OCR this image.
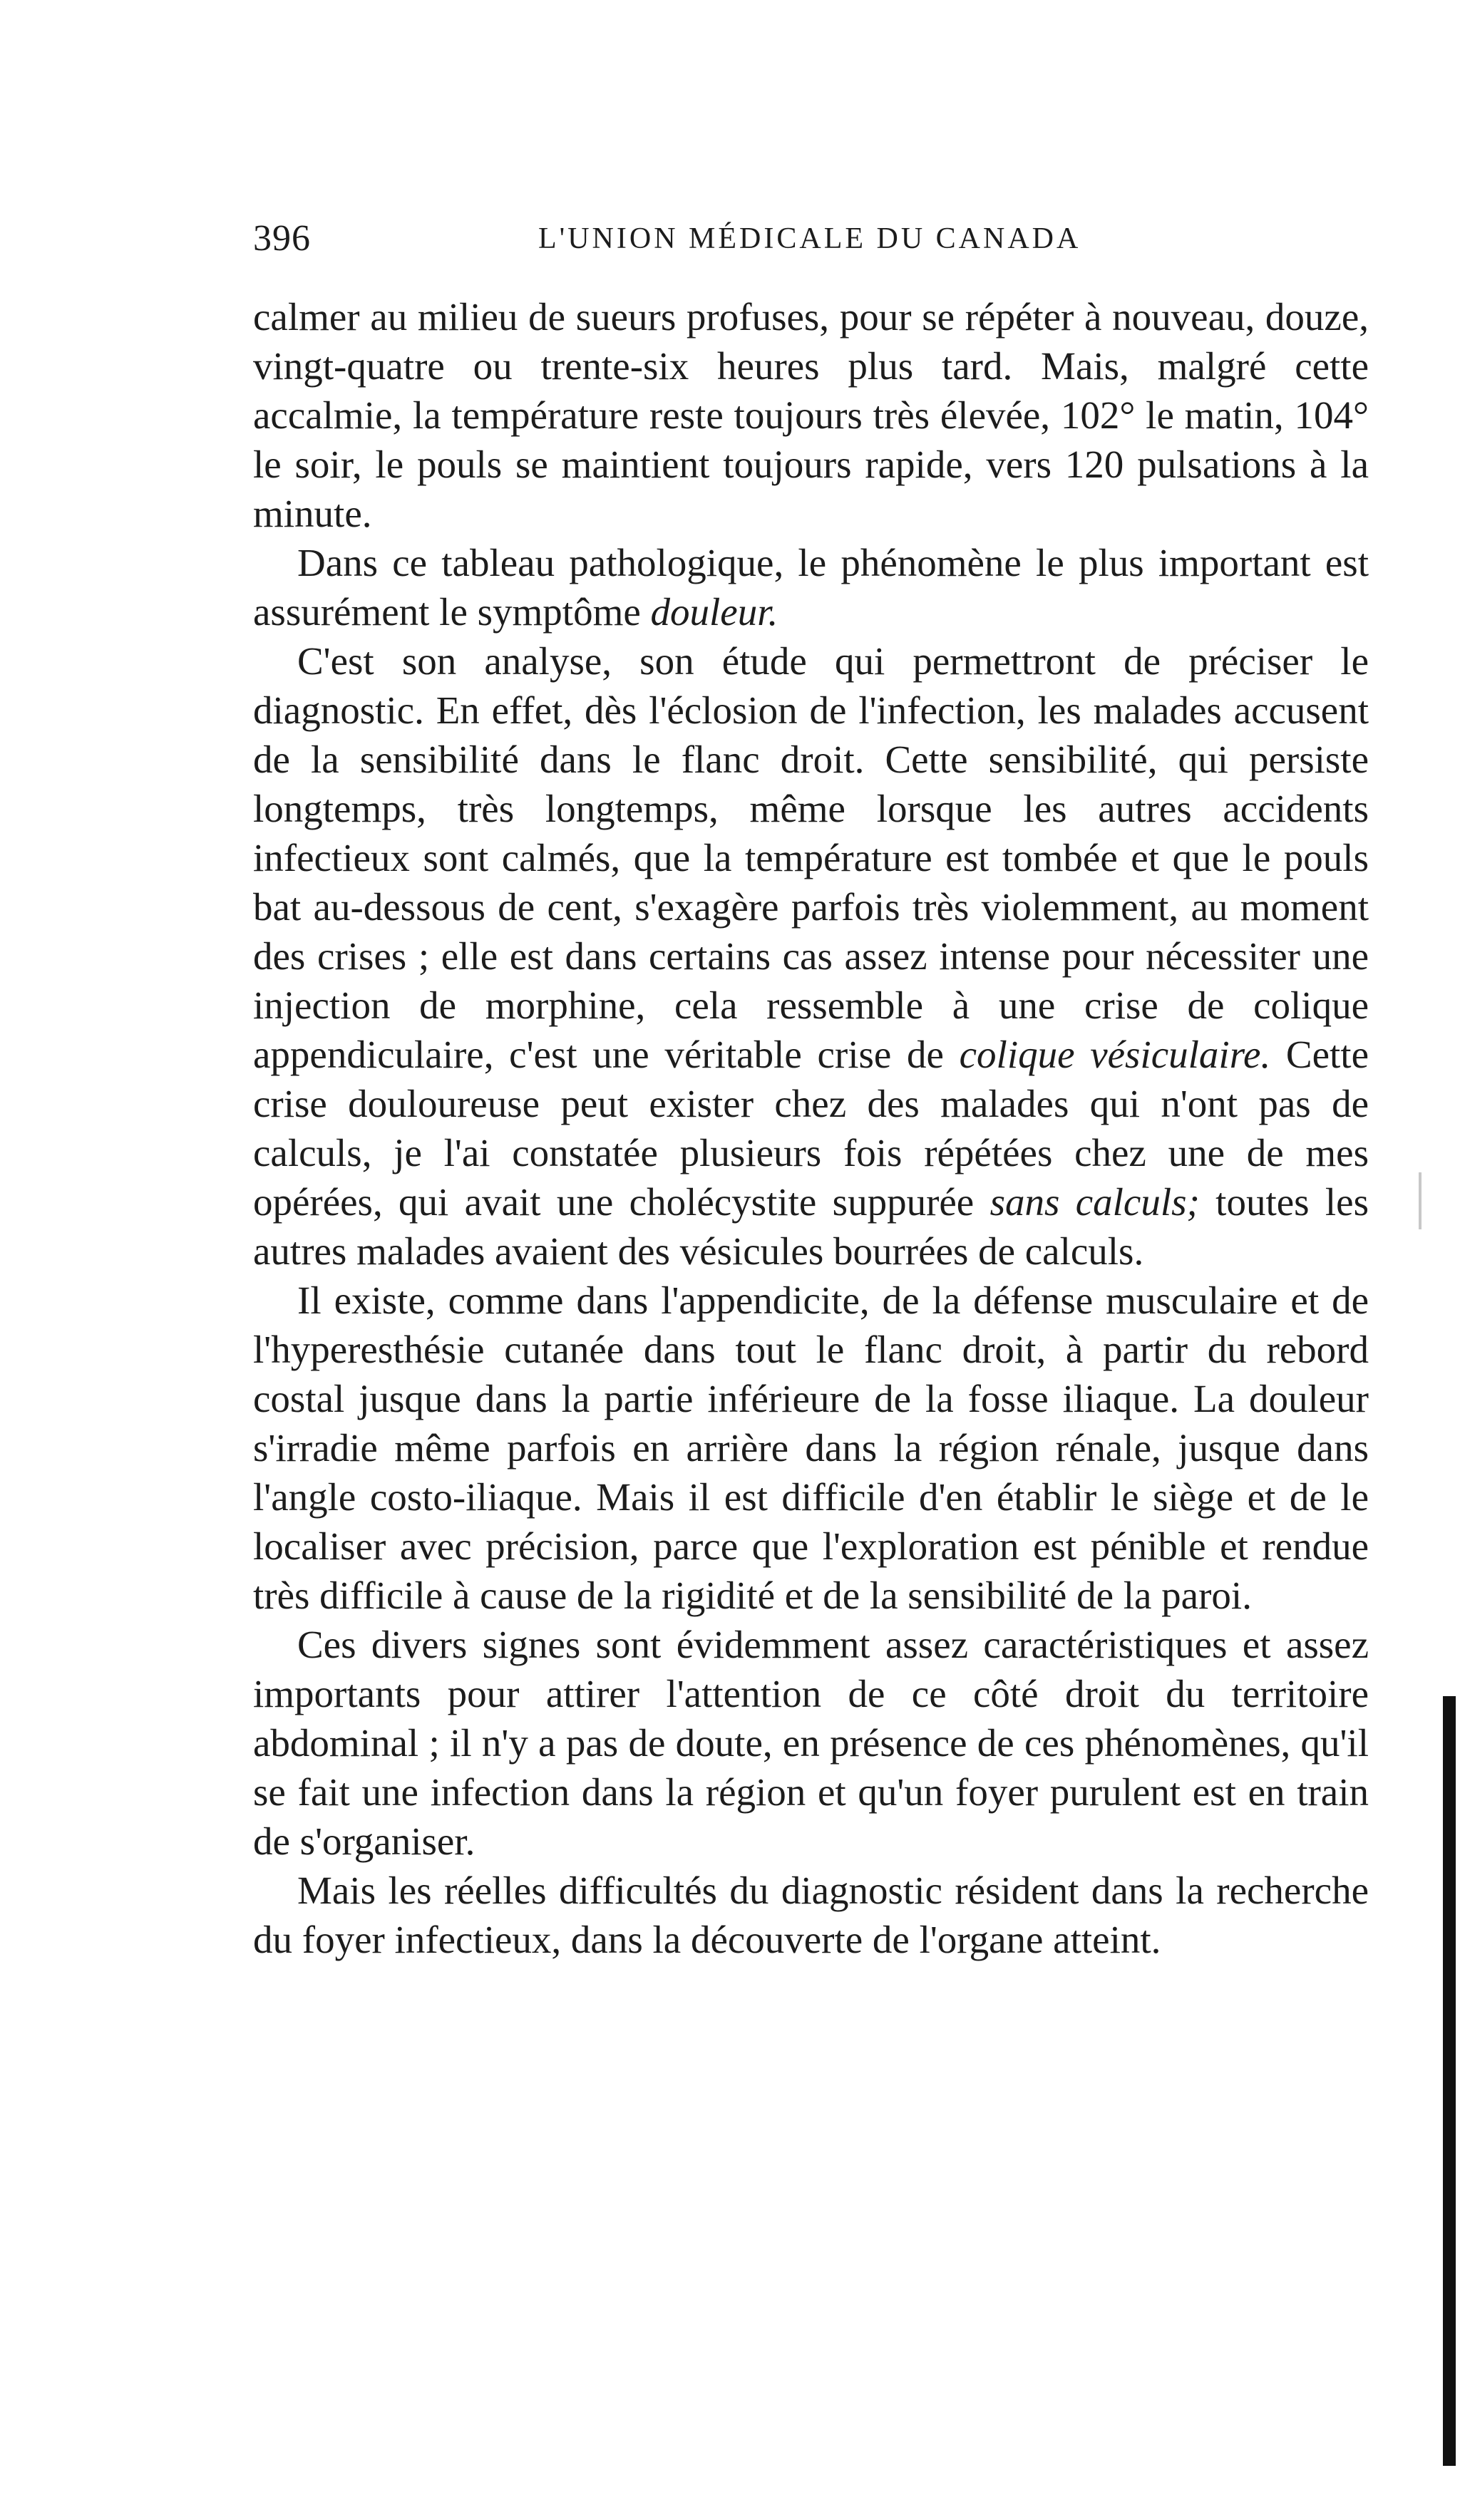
396	L'UNION MÉDICALE DU CANADA

calmer au milieu de sueurs profuses, pour se répéter à nouveau, douze, vingt-quatre ou trente-six heures plus tard. Mais, malgré cette accalmie, la température reste toujours très élevée, 102° le matin, 104° le soir, le pouls se maintient toujours rapide, vers 120 pulsations à la minute.

Dans ce tableau pathologique, le phénomène le plus important est assurément le symptôme douleur.

C'est son analyse, son étude qui permettront de préciser le diagnostic. En effet, dès l'éclosion de l'infection, les malades accusent de la sensibilité dans le flanc droit. Cette sensibilité, qui persiste longtemps, très longtemps, même lorsque les autres accidents infectieux sont calmés, que la température est tombée et que le pouls bat au-dessous de cent, s'exagère parfois très violemment, au moment des crises ; elle est dans certains cas assez intense pour nécessiter une injection de morphine, cela ressemble à une crise de colique appendiculaire, c'est une véritable crise de colique vésiculaire. Cette crise douloureuse peut exister chez des malades qui n'ont pas de calculs, je l'ai constatée plusieurs fois répétées chez une de mes opérées, qui avait une cholécystite suppurée sans calculs; toutes les autres malades avaient des vésicules bourrées de calculs.

Il existe, comme dans l'appendicite, de la défense musculaire et de l'hyperesthésie cutanée dans tout le flanc droit, à partir du rebord costal jusque dans la partie inférieure de la fosse iliaque. La douleur s'irradie même parfois en arrière dans la région rénale, jusque dans l'angle costo-iliaque. Mais il est difficile d'en établir le siège et de le localiser avec précision, parce que l'exploration est pénible et rendue très difficile à cause de la rigidité et de la sensibilité de la paroi.

Ces divers signes sont évidemment assez caractéristiques et assez importants pour attirer l'attention de ce côté droit du territoire abdominal ; il n'y a pas de doute, en présence de ces phénomènes, qu'il se fait une infection dans la région et qu'un foyer purulent est en train de s'organiser.

Mais les réelles difficultés du diagnostic résident dans la recherche du foyer infectieux, dans la découverte de l'organe atteint.
